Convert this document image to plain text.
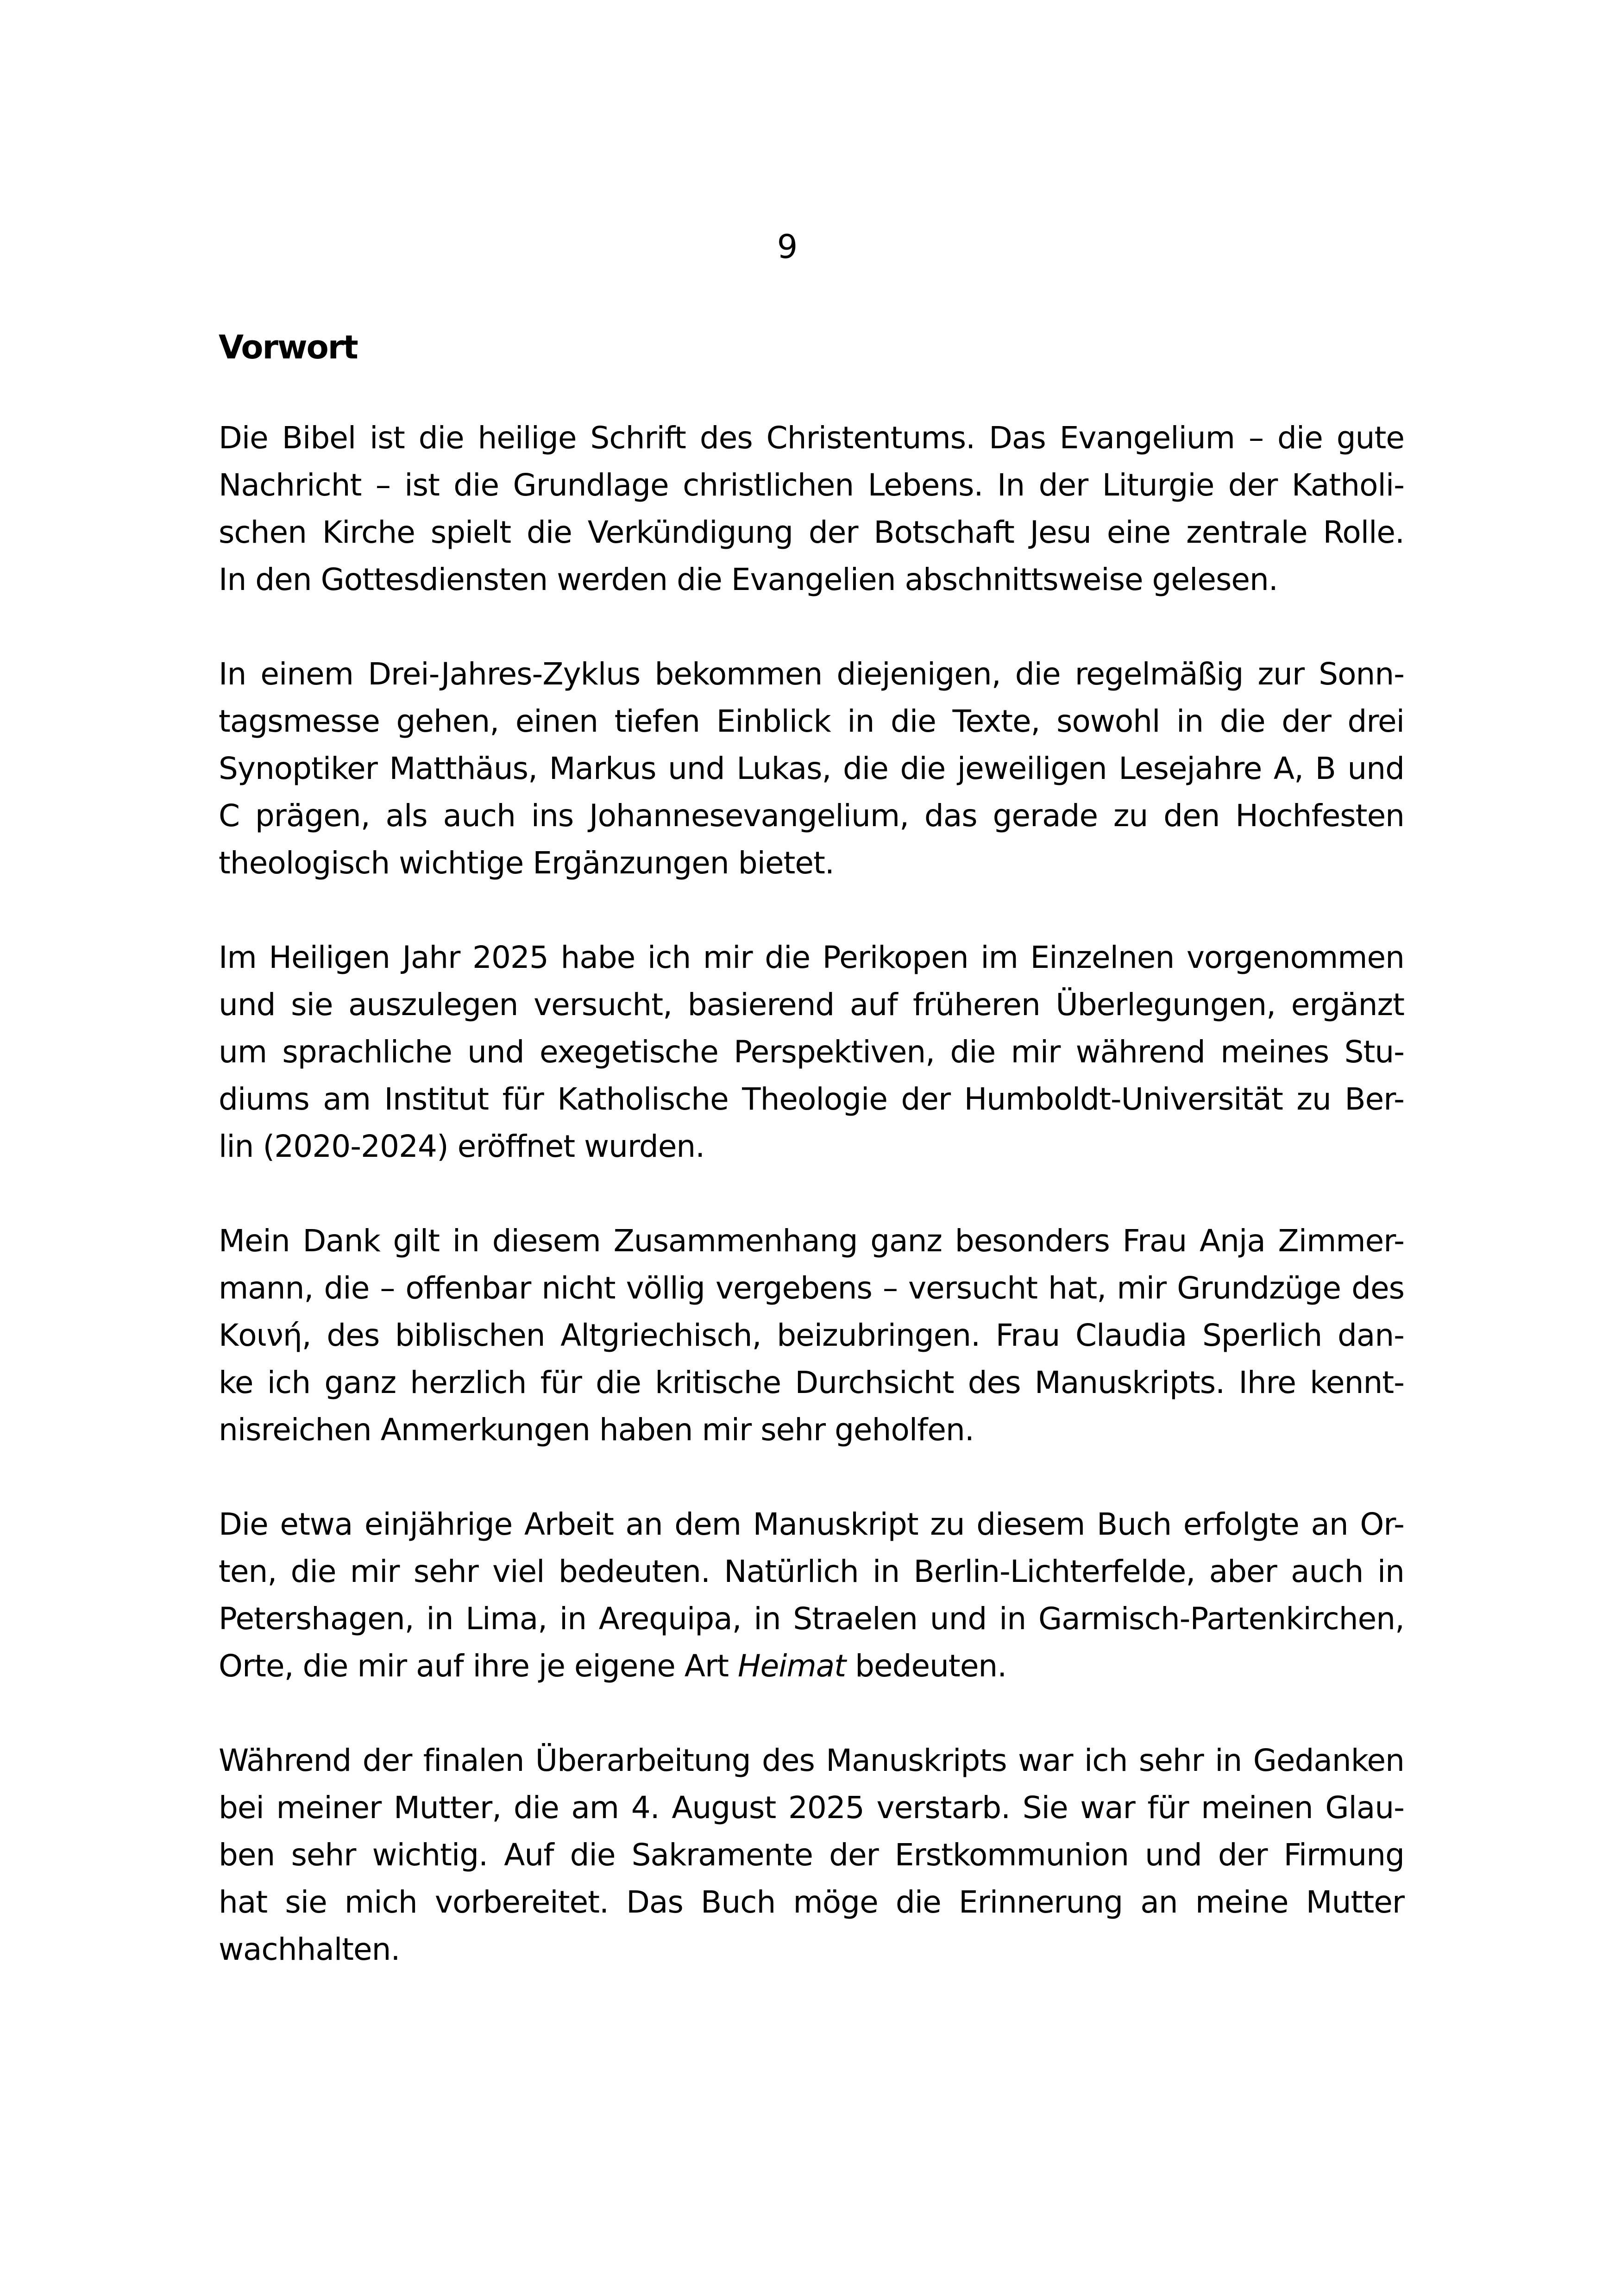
9
Vorwort
Die Bibel ist die heilige Schrift des Christentums. Das Evangelium – die gute
Nachricht – ist die Grundlage christlichen Lebens. In der Liturgie der Katholi-
schen Kirche spielt die Verkündigung der Botschaft Jesu eine zentrale Rolle.
In den Gottesdiensten werden die Evangelien abschnittsweise gelesen.
In einem Drei-Jahres-Zyklus bekommen diejenigen, die regelmäßig zur Sonn-
tagsmesse gehen, einen tiefen Einblick in die Texte, sowohl in die der drei
Synoptiker Matthäus, Markus und Lukas, die die jeweiligen Lesejahre A, B und
C prägen, als auch ins Johannesevangelium, das gerade zu den Hochfesten
theologisch wichtige Ergänzungen bietet.
Im Heiligen Jahr 2025 habe ich mir die Perikopen im Einzelnen vorgenommen
und sie auszulegen versucht, basierend auf früheren Überlegungen, ergänzt
um sprachliche und exegetische Perspektiven, die mir während meines Stu-
diums am Institut für Katholische Theologie der Humboldt-Universität zu Ber-
lin (2020-2024) eröffnet wurden.
Mein Dank gilt in diesem Zusammenhang ganz besonders Frau Anja Zimmer-
mann, die – offenbar nicht völlig vergebens – versucht hat, mir Grundzüge des
Κοινή, des biblischen Altgriechisch, beizubringen. Frau Claudia Sperlich dan-
ke ich ganz herzlich für die kritische Durchsicht des Manuskripts. Ihre kennt-
nisreichen Anmerkungen haben mir sehr geholfen.
Die etwa einjährige Arbeit an dem Manuskript zu diesem Buch erfolgte an Or-
ten, die mir sehr viel bedeuten. Natürlich in Berlin-Lichterfelde, aber auch in
Petershagen, in Lima, in Arequipa, in Straelen und in Garmisch-Partenkirchen,
Orte, die mir auf ihre je eigene Art Heimat bedeuten.
Während der finalen Überarbeitung des Manuskripts war ich sehr in Gedanken
bei meiner Mutter, die am 4. August 2025 verstarb. Sie war für meinen Glau-
ben sehr wichtig. Auf die Sakramente der Erstkommunion und der Firmung
hat sie mich vorbereitet. Das Buch möge die Erinnerung an meine Mutter
wachhalten.
